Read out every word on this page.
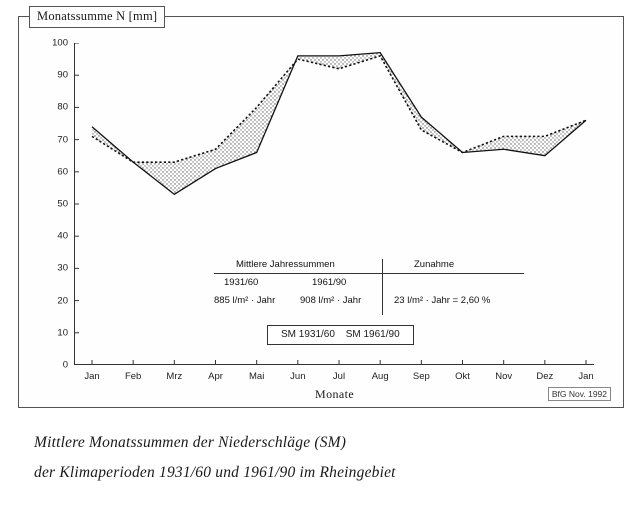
Monatssumme N [mm]
0
10
20
30
40
50
60
70
80
90
100
Jan	Feb	Mrz	Apr	Mai	Jun	Jul	Aug	Sep	Okt	Nov	Dez	Jan
Monate
Mittlere Jahressummen	Zunahme
1931/60	1961/90
885 l/m² · Jahr	908 l/m² · Jahr	23 l/m² · Jahr = 2,60 %
SM 1931/60 SM 1961/90
BfG Nov. 1992
Mittlere Monatssummen der Niederschläge (SM)
der Klimaperioden 1931/60 und 1961/90 im Rheingebiet
